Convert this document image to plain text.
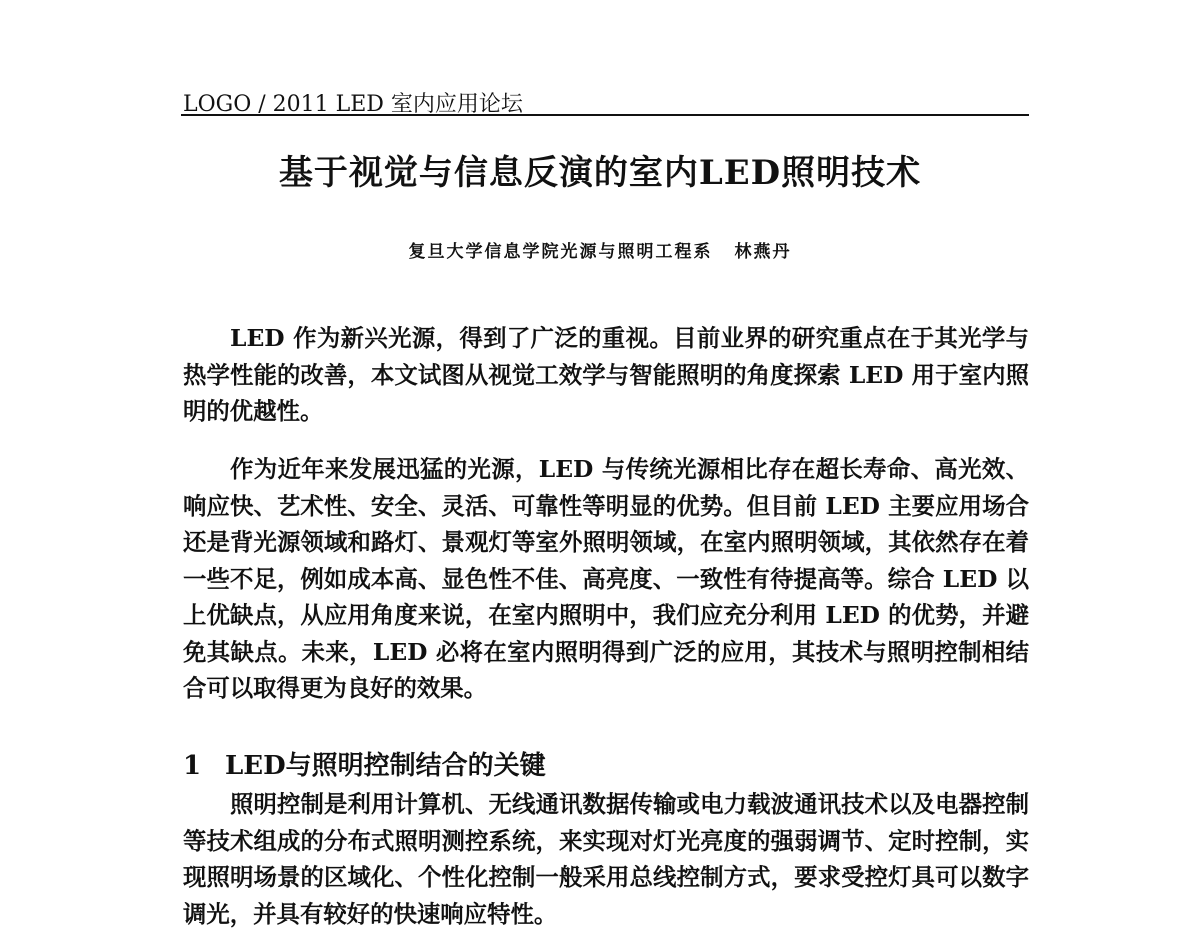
LOGO / 2011 LED 室内应用论坛
基于视觉与信息反演的室内LED照明技术
复旦大学信息学院光源与照明工程系 林燕丹

LED 作为新兴光源，得到了广泛的重视。目前业界的研究重点在于其光学与热学性能的改善，本文试图从视觉工效学与智能照明的角度探索 LED 用于室内照明的优越性。

作为近年来发展迅猛的光源，LED 与传统光源相比存在超长寿命、高光效、响应快、艺术性、安全、灵活、可靠性等明显的优势。但目前 LED 主要应用场合还是背光源领域和路灯、景观灯等室外照明领域，在室内照明领域，其依然存在着一些不足，例如成本高、显色性不佳、高亮度、一致性有待提高等。综合 LED 以上优缺点，从应用角度来说，在室内照明中，我们应充分利用 LED 的优势，并避免其缺点。未来，LED 必将在室内照明得到广泛的应用，其技术与照明控制相结合可以取得更为良好的效果。

1 LED与照明控制结合的关键

照明控制是利用计算机、无线通讯数据传输或电力载波通讯技术以及电器控制等技术组成的分布式照明测控系统，来实现对灯光亮度的强弱调节、定时控制，实现照明场景的区域化、个性化控制一般采用总线控制方式，要求受控灯具可以数字调光，并具有较好的快速响应特性。
